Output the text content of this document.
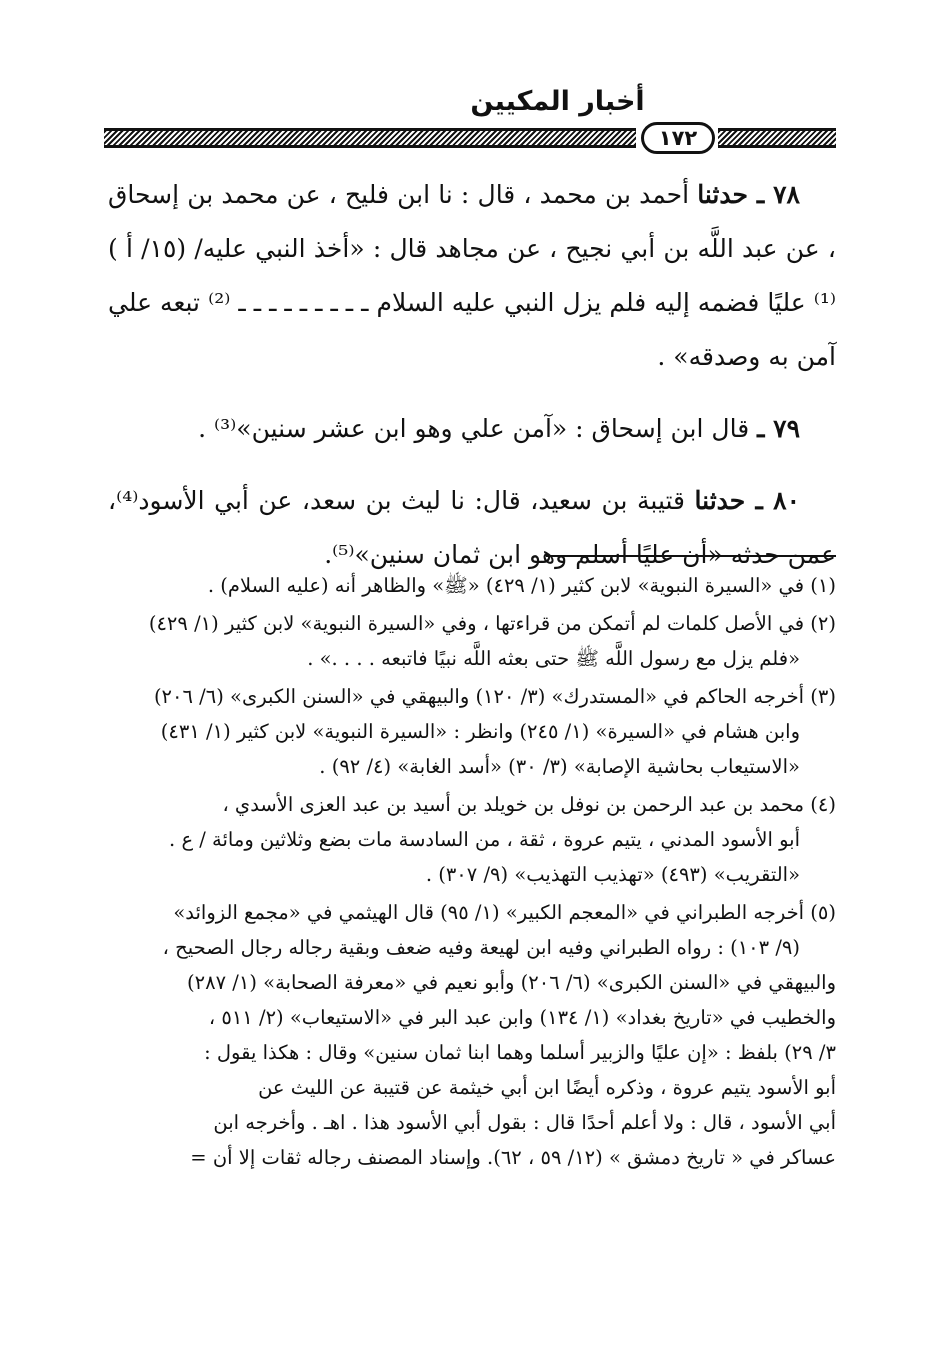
أخبار المكيين
١٧٢

٧٨ ـ حدثنا أحمد بن محمد ، قال : نا ابن فليح ، عن محمد بن إسحاق ، عن عبد اللَّه بن أبي نجيح ، عن مجاهد قال : «أخذ النبي عليه/ (١٥/ أ ) ⁽¹⁾ عليًا فضمه إليه فلم يزل النبي عليه السلام ـ ـ ـ ـ ـ ـ ـ ـ ـ ⁽²⁾ تبعه علي آمن به وصدقه» .

٧٩ ـ قال ابن إسحاق : «آمن علي وهو ابن عشر سنين»⁽³⁾ .

٨٠ ـ حدثنا قتيبة بن سعيد، قال: نا ليث بن سعد، عن أبي الأسود⁽⁴⁾، عمن حدثه «أن عليًا أسلم وهو ابن ثمان سنين»⁽⁵⁾.

(١) في «السيرة النبوية» لابن كثير (١/ ٤٢٩) «ﷺ» والظاهر أنه (عليه السلام) .
(٢) في الأصل كلمات لم أتمكن من قراءتها ، وفي «السيرة النبوية» لابن كثير (١/ ٤٢٩)
«فلم يزل مع رسول اللَّه ﷺ حتى بعثه اللَّه نبيًا فاتبعه . . . .» .
(٣) أخرجه الحاكم في «المستدرك» (٣/ ١٢٠) والبيهقي في «السنن الكبرى» (٦/ ٢٠٦)
وابن هشام في «السيرة» (١/ ٢٤٥) وانظر : «السيرة النبوية» لابن كثير (١/ ٤٣١)
«الاستيعاب بحاشية الإصابة» (٣/ ٣٠) «أسد الغابة» (٤/ ٩٢) .
(٤) محمد بن عبد الرحمن بن نوفل بن خويلد بن أسيد بن عبد العزى الأسدي ،
أبو الأسود المدني ، يتيم عروة ، ثقة ، من السادسة مات بضع وثلاثين ومائة / ع .
«التقريب» (٤٩٣) «تهذيب التهذيب» (٩/ ٣٠٧) .
(٥) أخرجه الطبراني في «المعجم الكبير» (١/ ٩٥) قال الهيثمي في «مجمع الزوائد»
(٩/ ١٠٣) : رواه الطبراني وفيه ابن لهيعة وفيه ضعف وبقية رجاله رجال الصحيح ،
والبيهقي في «السنن الكبرى» (٦/ ٢٠٦) وأبو نعيم في «معرفة الصحابة» (١/ ٢٨٧)
والخطيب في «تاريخ بغداد» (١/ ١٣٤) وابن عبد البر في «الاستيعاب» (٢/ ٥١١ ،
٣/ ٢٩) بلفظ : «إن عليًا والزبير أسلما وهما ابنا ثمان سنين» وقال : هكذا يقول :
أبو الأسود يتيم عروة ، وذكره أيضًا ابن أبي خيثمة عن قتيبة عن الليث عن
أبي الأسود ، قال : ولا أعلم أحدًا قال : بقول أبي الأسود هذا . اهـ . وأخرجه ابن
عساكر في « تاريخ دمشق » (١٢/ ٥٩ ، ٦٢). وإسناد المصنف رجاله ثقات إلا أن =
